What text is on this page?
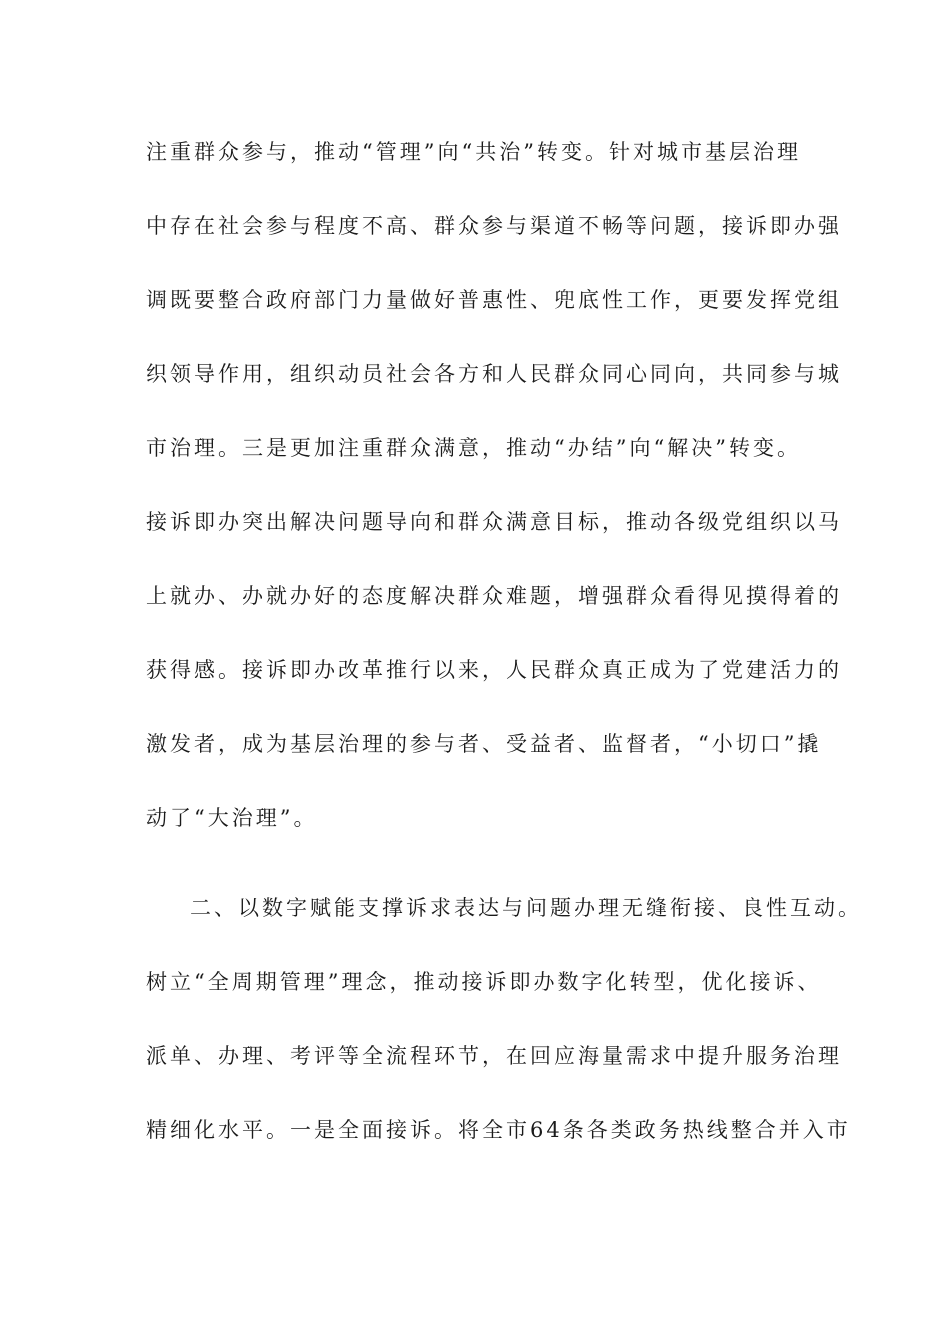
注重群众参与，推动“管理”向“共治”转变。针对城市基层治理
中存在社会参与程度不高、群众参与渠道不畅等问题，接诉即办强
调既要整合政府部门力量做好普惠性、兜底性工作，更要发挥党组
织领导作用，组织动员社会各方和人民群众同心同向，共同参与城
市治理。三是更加注重群众满意，推动“办结”向“解决”转变。
接诉即办突出解决问题导向和群众满意目标，推动各级党组织以马
上就办、办就办好的态度解决群众难题，增强群众看得见摸得着的
获得感。接诉即办改革推行以来，人民群众真正成为了党建活力的
激发者，成为基层治理的参与者、受益者、监督者，“小切口”撬
动了“大治理”。
二、以数字赋能支撑诉求表达与问题办理无缝衔接、良性互动。
树立“全周期管理”理念，推动接诉即办数字化转型，优化接诉、
派单、办理、考评等全流程环节，在回应海量需求中提升服务治理
精细化水平。一是全面接诉。将全市64条各类政务热线整合并入市
